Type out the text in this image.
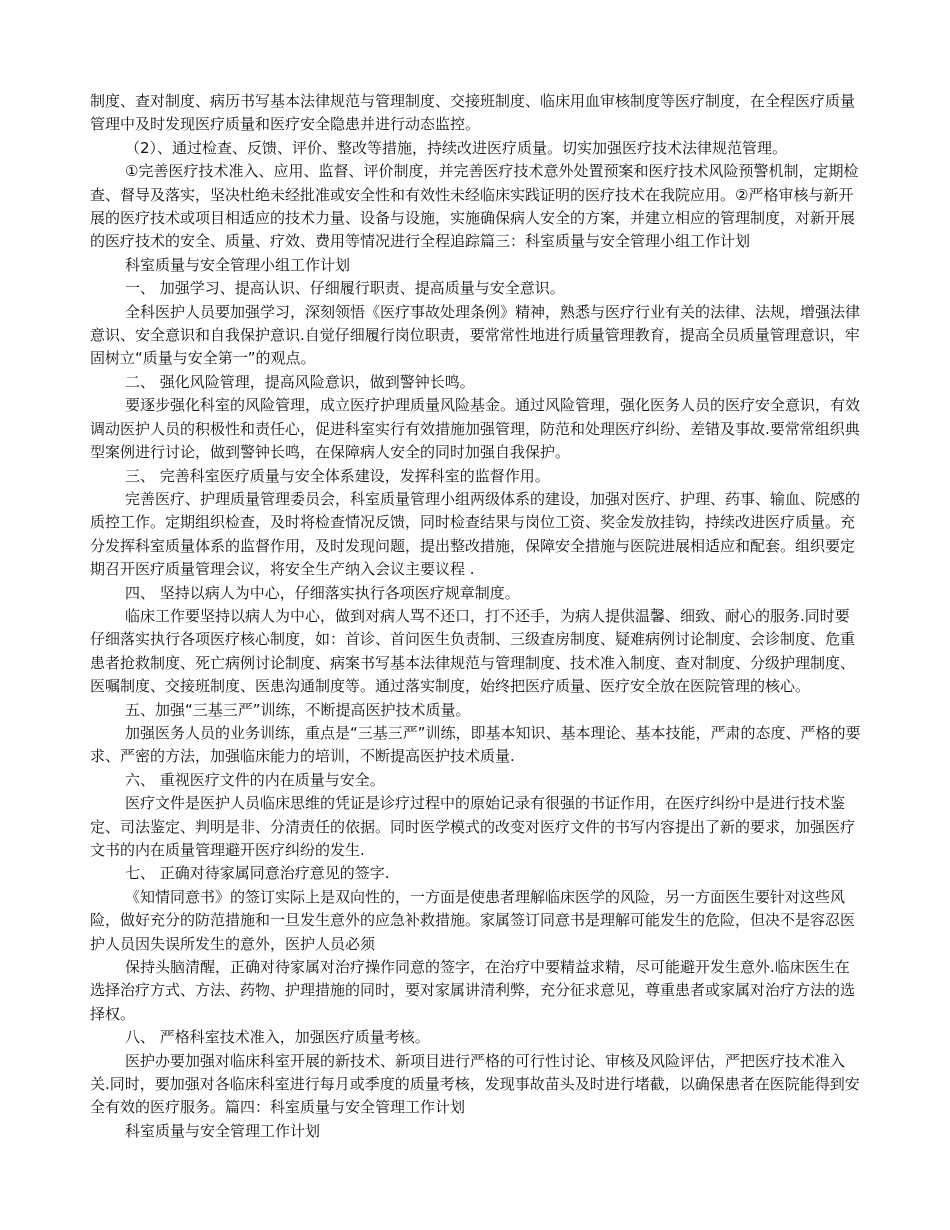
制度、查对制度、病历书写基本法律规范与管理制度、交接班制度、临床用血审核制度等医疗制度，在全程医疗质量管理中及时发现医疗质量和医疗安全隐患并进行动态监控。

（2）、通过检查、反馈、评价、整改等措施，持续改进医疗质量。切实加强医疗技术法律规范管理。

①完善医疗技术准入、应用、监督、评价制度，并完善医疗技术意外处置预案和医疗技术风险预警机制，定期检查、督导及落实，坚决杜绝未经批准或安全性和有效性未经临床实践证明的医疗技术在我院应用。②严格审核与新开展的医疗技术或项目相适应的技术力量、设备与设施，实施确保病人安全的方案，并建立相应的管理制度，对新开展的医疗技术的安全、质量、疗效、费用等情况进行全程追踪篇三：科室质量与安全管理小组工作计划

科室质量与安全管理小组工作计划

一、 加强学习、提高认识、仔细履行职责、提高质量与安全意识。

全科医护人员要加强学习，深刻领悟《医疗事故处理条例》精神，熟悉与医疗行业有关的法律、法规，增强法律意识、安全意识和自我保护意识.自觉仔细履行岗位职责，要常常性地进行质量管理教育，提高全员质量管理意识，牢固树立“质量与安全第一”的观点。

二、 强化风险管理，提高风险意识，做到警钟长鸣。

要逐步强化科室的风险管理，成立医疗护理质量风险基金。通过风险管理，强化医务人员的医疗安全意识，有效调动医护人员的积极性和责任心，促进科室实行有效措施加强管理，防范和处理医疗纠纷、差错及事故.要常常组织典型案例进行讨论，做到警钟长鸣，在保障病人安全的同时加强自我保护。

三、 完善科室医疗质量与安全体系建设，发挥科室的监督作用。

完善医疗、护理质量管理委员会，科室质量管理小组两级体系的建设，加强对医疗、护理、药事、输血、院感的质控工作。定期组织检查，及时将检查情况反馈，同时检查结果与岗位工资、奖金发放挂钩，持续改进医疗质量。充分发挥科室质量体系的监督作用，及时发现问题，提出整改措施，保障安全措施与医院进展相适应和配套。组织要定期召开医疗质量管理会议，将安全生产纳入会议主要议程 .

四、 坚持以病人为中心，仔细落实执行各项医疗规章制度。

临床工作要坚持以病人为中心，做到对病人骂不还口，打不还手，为病人提供温馨、细致、耐心的服务.同时要仔细落实执行各项医疗核心制度，如：首诊、首问医生负责制、三级查房制度、疑难病例讨论制度、会诊制度、危重患者抢救制度、死亡病例讨论制度、病案书写基本法律规范与管理制度、技术准入制度、查对制度、分级护理制度、医嘱制度、交接班制度、医患沟通制度等。通过落实制度，始终把医疗质量、医疗安全放在医院管理的核心。

五、加强“三基三严”训练，不断提高医护技术质量。

加强医务人员的业务训练，重点是“三基三严”训练，即基本知识、基本理论、基本技能，严肃的态度、严格的要求、严密的方法，加强临床能力的培训，不断提高医护技术质量.

六、 重视医疗文件的内在质量与安全。

医疗文件是医护人员临床思维的凭证是诊疗过程中的原始记录有很强的书证作用，在医疗纠纷中是进行技术鉴定、司法鉴定、判明是非、分清责任的依据。同时医学模式的改变对医疗文件的书写内容提出了新的要求，加强医疗文书的内在质量管理避开医疗纠纷的发生.

七、 正确对待家属同意治疗意见的签字.

《知情同意书》的签订实际上是双向性的，一方面是使患者理解临床医学的风险，另一方面医生要针对这些风险，做好充分的防范措施和一旦发生意外的应急补救措施。家属签订同意书是理解可能发生的危险，但决不是容忍医护人员因失误所发生的意外，医护人员必须

保持头脑清醒，正确对待家属对治疗操作同意的签字，在治疗中要精益求精，尽可能避开发生意外.临床医生在选择治疗方式、方法、药物、护理措施的同时，要对家属讲清利弊，充分征求意见，尊重患者或家属对治疗方法的选择权。

八、 严格科室技术准入，加强医疗质量考核。

医护办要加强对临床科室开展的新技术、新项目进行严格的可行性讨论、审核及风险评估，严把医疗技术准入关.同时，要加强对各临床科室进行每月或季度的质量考核，发现事故苗头及时进行堵截，以确保患者在医院能得到安全有效的医疗服务。篇四：科室质量与安全管理工作计划

科室质量与安全管理工作计划
